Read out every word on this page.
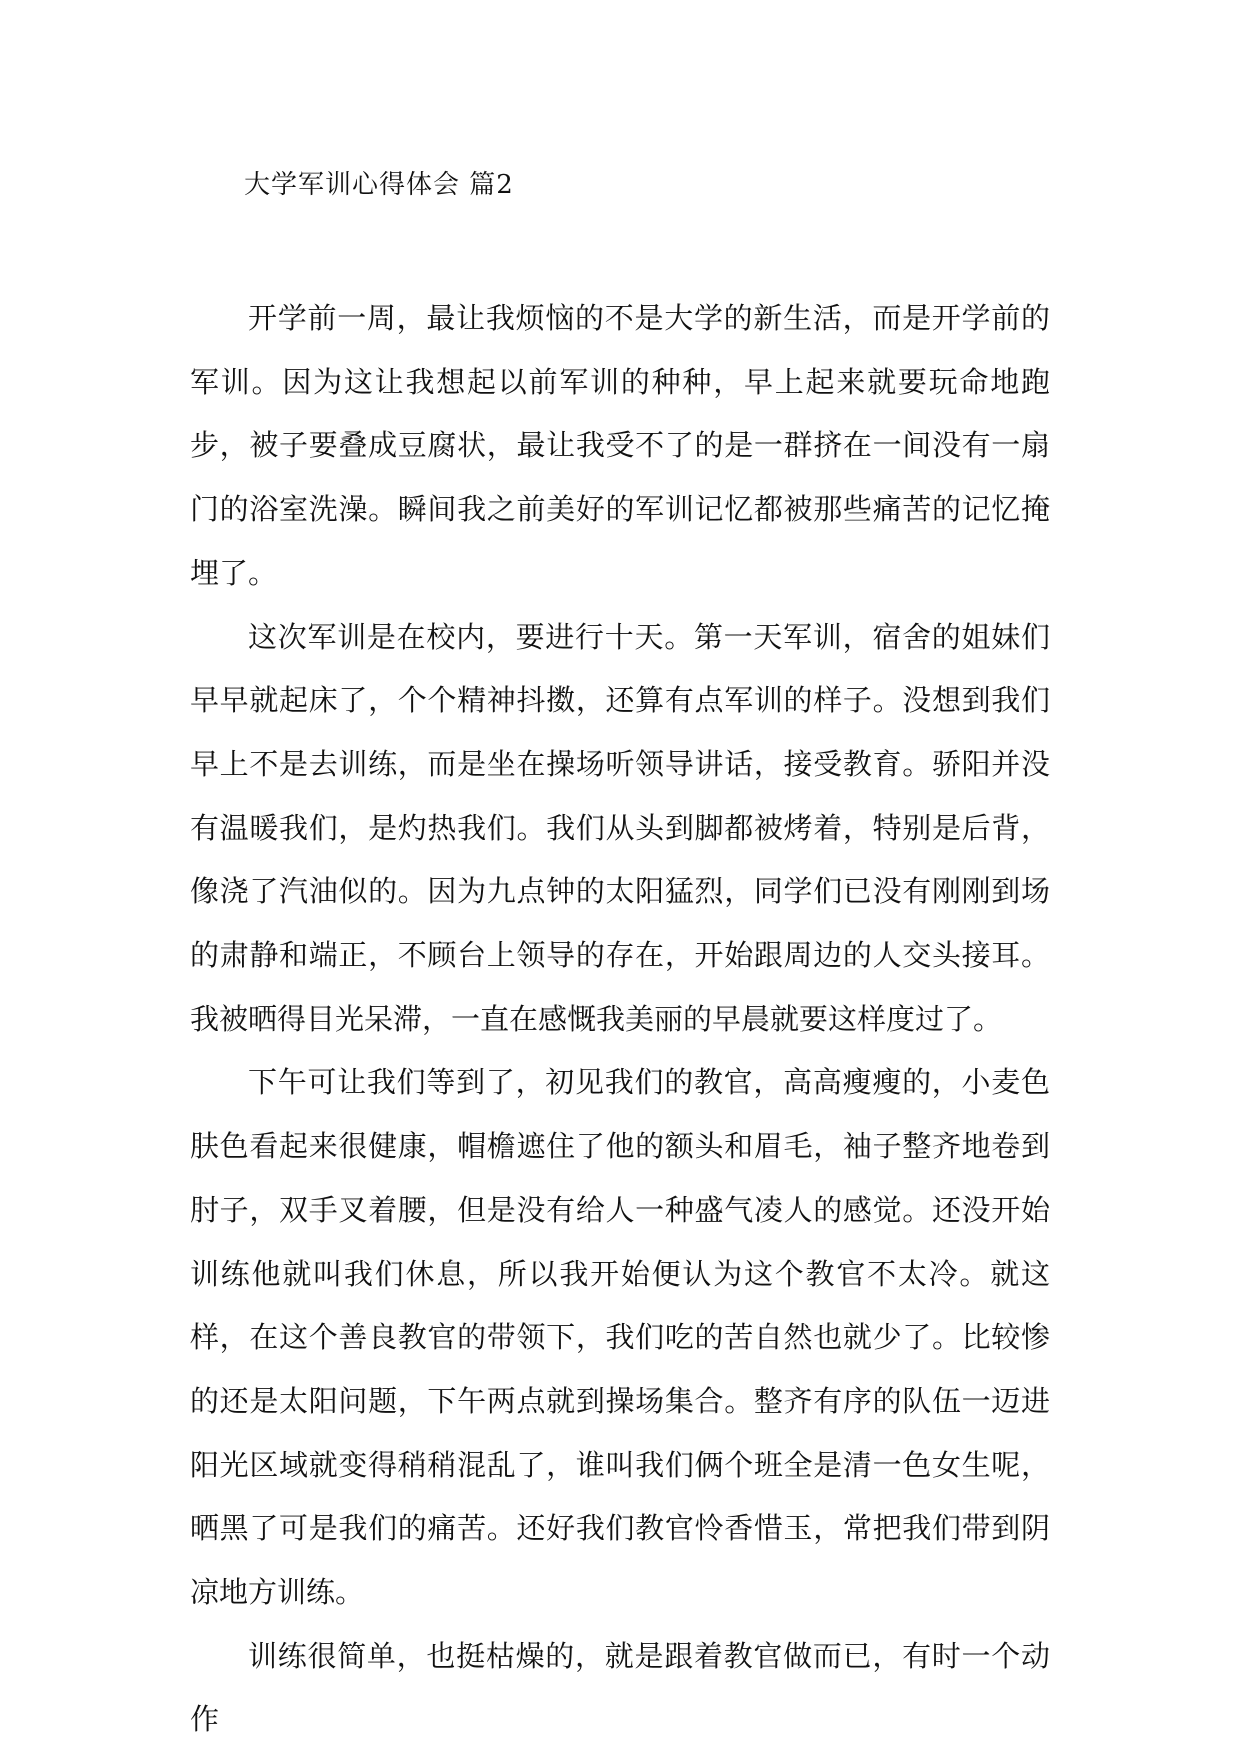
大学军训心得体会 篇2

开学前一周，最让我烦恼的不是大学的新生活，而是开学前的军训。因为这让我想起以前军训的种种，早上起来就要玩命地跑步，被子要叠成豆腐状，最让我受不了的是一群挤在一间没有一扇门的浴室洗澡。瞬间我之前美好的军训记忆都被那些痛苦的记忆掩埋了。

这次军训是在校内，要进行十天。第一天军训，宿舍的姐妹们早早就起床了，个个精神抖擞，还算有点军训的样子。没想到我们早上不是去训练，而是坐在操场听领导讲话，接受教育。骄阳并没有温暖我们，是灼热我们。我们从头到脚都被烤着，特别是后背，像浇了汽油似的。因为九点钟的太阳猛烈，同学们已没有刚刚到场的肃静和端正，不顾台上领导的存在，开始跟周边的人交头接耳。我被晒得目光呆滞，一直在感慨我美丽的早晨就要这样度过了。

下午可让我们等到了，初见我们的教官，高高瘦瘦的，小麦色肤色看起来很健康，帽檐遮住了他的额头和眉毛，袖子整齐地卷到肘子，双手叉着腰，但是没有给人一种盛气凌人的感觉。还没开始训练他就叫我们休息，所以我开始便认为这个教官不太冷。就这样，在这个善良教官的带领下，我们吃的苦自然也就少了。比较惨的还是太阳问题，下午两点就到操场集合。整齐有序的队伍一迈进阳光区域就变得稍稍混乱了，谁叫我们俩个班全是清一色女生呢，晒黑了可是我们的痛苦。还好我们教官怜香惜玉，常把我们带到阴凉地方训练。

训练很简单，也挺枯燥的，就是跟着教官做而已，有时一个动作
